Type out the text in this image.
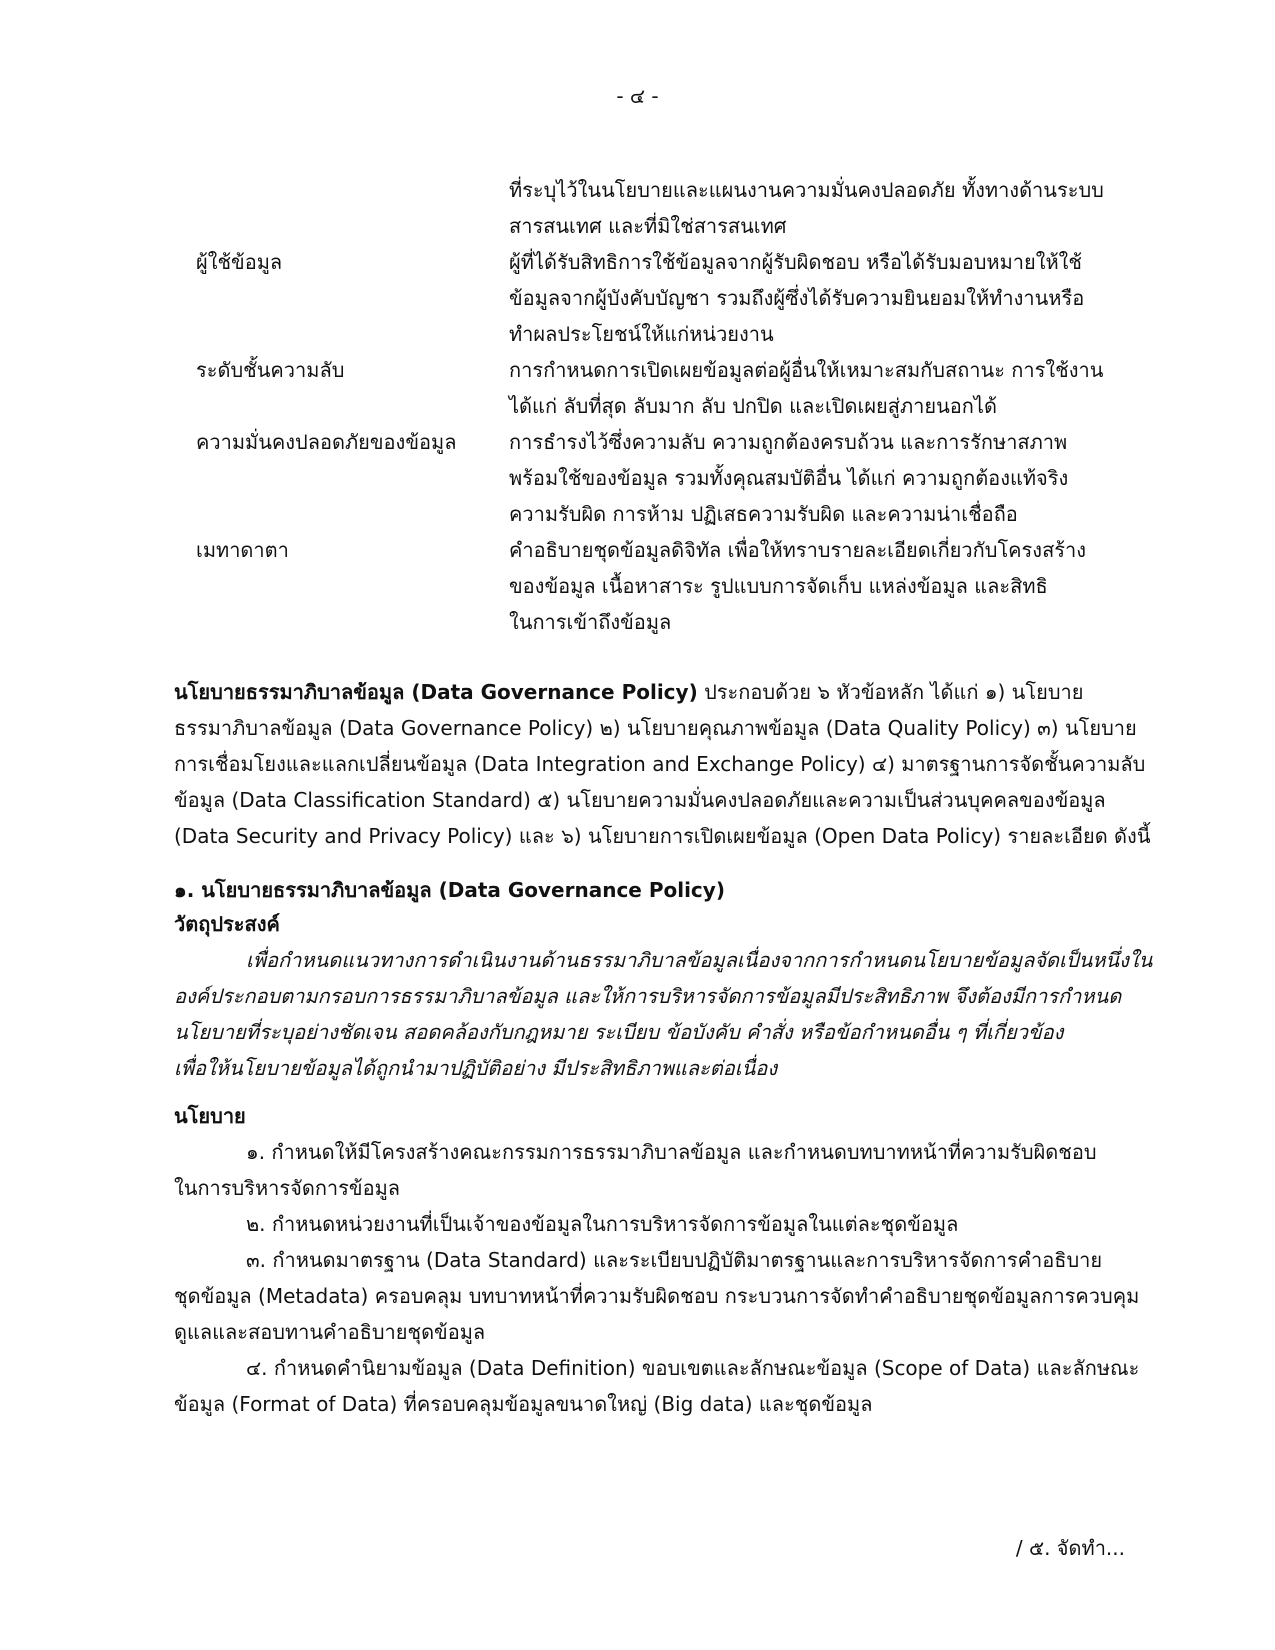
- ๔ -
ที่ระบุไว้ในนโยบายและแผนงานความมั่นคงปลอดภัย ทั้งทางด้านระบบ
สารสนเทศ และที่มิใช่สารสนเทศ
ผู้ใช้ข้อมูล	ผู้ที่ได้รับสิทธิการใช้ข้อมูลจากผู้รับผิดชอบ หรือได้รับมอบหมายให้ใช้
ข้อมูลจากผู้บังคับบัญชา รวมถึงผู้ซึ่งได้รับความยินยอมให้ทำงานหรือ
ทำผลประโยชน์ให้แก่หน่วยงาน
ระดับชั้นความลับ	การกำหนดการเปิดเผยข้อมูลต่อผู้อื่นให้เหมาะสมกับสถานะ การใช้งาน
ได้แก่ ลับที่สุด ลับมาก ลับ ปกปิด และเปิดเผยสู่ภายนอกได้
ความมั่นคงปลอดภัยของข้อมูล	การธำรงไว้ซึ่งความลับ ความถูกต้องครบถ้วน และการรักษาสภาพ
พร้อมใช้ของข้อมูล รวมทั้งคุณสมบัติอื่น ได้แก่ ความถูกต้องแท้จริง
ความรับผิด การห้าม ปฏิเสธความรับผิด และความน่าเชื่อถือ
เมทาดาตา	คำอธิบายชุดข้อมูลดิจิทัล เพื่อให้ทราบรายละเอียดเกี่ยวกับโครงสร้าง
ของข้อมูล เนื้อหาสาระ รูปแบบการจัดเก็บ แหล่งข้อมูล และสิทธิ
ในการเข้าถึงข้อมูล
นโยบายธรรมาภิบาลข้อมูล (Data Governance Policy) ประกอบด้วย ๖ หัวข้อหลัก ได้แก่ ๑) นโยบาย
ธรรมาภิบาลข้อมูล (Data Governance Policy) ๒) นโยบายคุณภาพข้อมูล (Data Quality Policy) ๓) นโยบาย
การเชื่อมโยงและแลกเปลี่ยนข้อมูล (Data Integration and Exchange Policy) ๔) มาตรฐานการจัดชั้นความลับ
ข้อมูล (Data Classification Standard) ๕) นโยบายความมั่นคงปลอดภัยและความเป็นส่วนบุคคลของข้อมูล
(Data Security and Privacy Policy) และ ๖) นโยบายการเปิดเผยข้อมูล (Open Data Policy) รายละเอียด ดังนี้
๑. นโยบายธรรมาภิบาลข้อมูล (Data Governance Policy)
วัตถุประสงค์
เพื่อกำหนดแนวทางการดำเนินงานด้านธรรมาภิบาลข้อมูลเนื่องจากการกำหนดนโยบายข้อมูลจัดเป็นหนึ่งใน
องค์ประกอบตามกรอบการธรรมาภิบาลข้อมูล และให้การบริหารจัดการข้อมูลมีประสิทธิภาพ จึงต้องมีการกำหนด
นโยบายที่ระบุอย่างชัดเจน สอดคล้องกับกฎหมาย ระเบียบ ข้อบังคับ คำสั่ง หรือข้อกำหนดอื่น ๆ ที่เกี่ยวข้อง
เพื่อให้นโยบายข้อมูลได้ถูกนำมาปฏิบัติอย่าง มีประสิทธิภาพและต่อเนื่อง
นโยบาย
๑. กำหนดให้มีโครงสร้างคณะกรรมการธรรมาภิบาลข้อมูล และกำหนดบทบาทหน้าที่ความรับผิดชอบ
ในการบริหารจัดการข้อมูล
๒. กำหนดหน่วยงานที่เป็นเจ้าของข้อมูลในการบริหารจัดการข้อมูลในแต่ละชุดข้อมูล
๓. กำหนดมาตรฐาน (Data Standard) และระเบียบปฏิบัติมาตรฐานและการบริหารจัดการคำอธิบาย
ชุดข้อมูล (Metadata) ครอบคลุม บทบาทหน้าที่ความรับผิดชอบ กระบวนการจัดทำคำอธิบายชุดข้อมูลการควบคุม
ดูแลและสอบทานคำอธิบายชุดข้อมูล
๔. กำหนดคำนิยามข้อมูล (Data Definition) ขอบเขตและลักษณะข้อมูล (Scope of Data) และลักษณะ
ข้อมูล (Format of Data) ที่ครอบคลุมข้อมูลขนาดใหญ่ (Big data) และชุดข้อมูล
/ ๕. จัดทำ...
